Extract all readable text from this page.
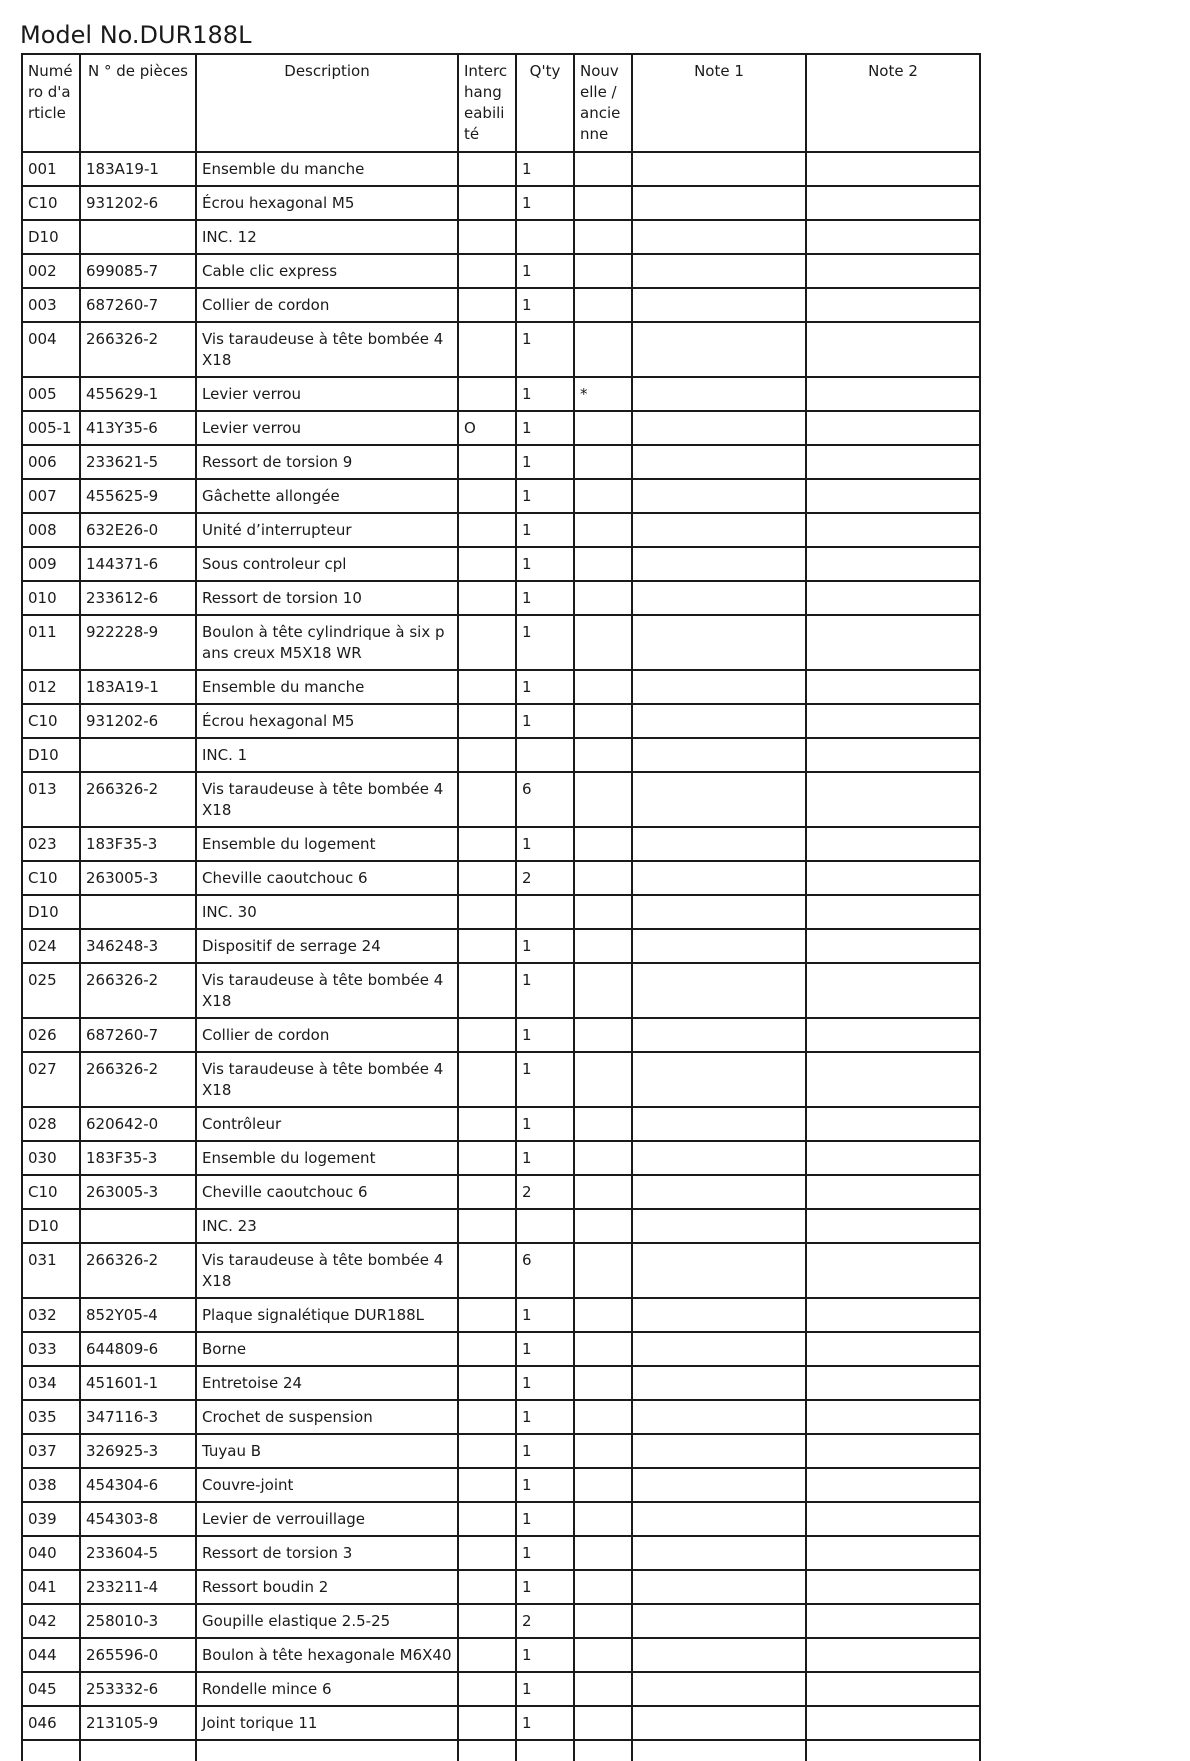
Model No.DUR188L
Numéro d'article	N ° de pièces	Description	Interchangeabilité	Q'ty	Nouvelle / ancienne	Note 1	Note 2
001	183A19-1	Ensemble du manche		1			
C10	931202-6	Écrou hexagonal M5		1			
D10		INC. 12					
002	699085-7	Cable clic express		1			
003	687260-7	Collier de cordon		1			
004	266326-2	Vis taraudeuse à tête bombée 4X18		1			
005	455629-1	Levier verrou		1	*		
005-1	413Y35-6	Levier verrou	O	1			
006	233621-5	Ressort de torsion 9		1			
007	455625-9	Gâchette allongée		1			
008	632E26-0	Unité d’interrupteur		1			
009	144371-6	Sous controleur cpl		1			
010	233612-6	Ressort de torsion 10		1			
011	922228-9	Boulon à tête cylindrique à six pans creux M5X18 WR		1			
012	183A19-1	Ensemble du manche		1			
C10	931202-6	Écrou hexagonal M5		1			
D10		INC. 1					
013	266326-2	Vis taraudeuse à tête bombée 4X18		6			
023	183F35-3	Ensemble du logement		1			
C10	263005-3	Cheville caoutchouc 6		2			
D10		INC. 30					
024	346248-3	Dispositif de serrage 24		1			
025	266326-2	Vis taraudeuse à tête bombée 4X18		1			
026	687260-7	Collier de cordon		1			
027	266326-2	Vis taraudeuse à tête bombée 4X18		1			
028	620642-0	Contrôleur		1			
030	183F35-3	Ensemble du logement		1			
C10	263005-3	Cheville caoutchouc 6		2			
D10		INC. 23					
031	266326-2	Vis taraudeuse à tête bombée 4X18		6			
032	852Y05-4	Plaque signalétique DUR188L		1			
033	644809-6	Borne		1			
034	451601-1	Entretoise 24		1			
035	347116-3	Crochet de suspension		1			
037	326925-3	Tuyau B		1			
038	454304-6	Couvre-joint		1			
039	454303-8	Levier de verrouillage		1			
040	233604-5	Ressort de torsion 3		1			
041	233211-4	Ressort boudin 2		1			
042	258010-3	Goupille elastique 2.5-25		2			
044	265596-0	Boulon à tête hexagonale M6X40		1			
045	253332-6	Rondelle mince 6		1			
046	213105-9	Joint torique 11		1			
